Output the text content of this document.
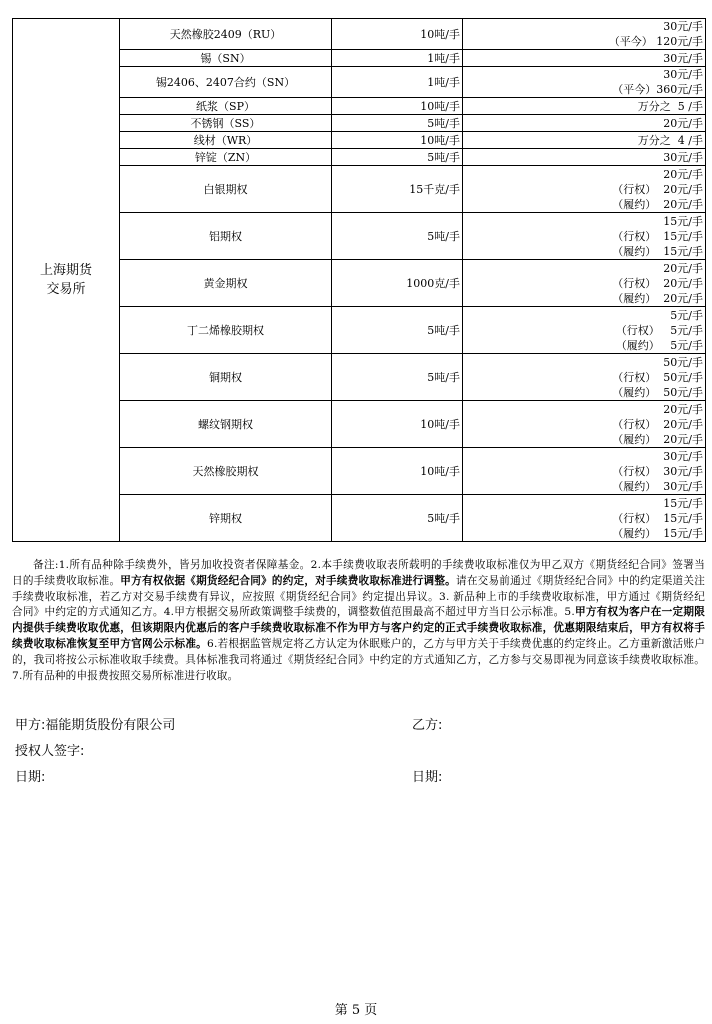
上海期货
交易所	天然橡胶2409（RU）	10吨/手	30元/手
（平今） 120元/手

	锡（SN）	1吨/手	30元/手

	锡2406、2407合约（SN）	1吨/手	30元/手
（平今）360元/手

	纸浆（SP）	10吨/手	万分之  5 /手

	不锈钢（SS）	5吨/手	20元/手

	线材（WR）	10吨/手	万分之  4 /手

	锌锭（ZN）	5吨/手	30元/手

	白银期权	15千克/手	20元/手
（行权）  20元/手
（履约）  20元/手

	铝期权	5吨/手	15元/手
（行权）  15元/手
（履约）  15元/手

	黄金期权	1000克/手	20元/手
（行权）  20元/手
（履约）  20元/手

	丁二烯橡胶期权	5吨/手	5元/手
（行权）   5元/手
（履约）   5元/手

	铜期权	5吨/手	50元/手
（行权）  50元/手
（履约）  50元/手

	螺纹钢期权	10吨/手	20元/手
（行权）  20元/手
（履约）  20元/手

	天然橡胶期权	10吨/手	30元/手
（行权）  30元/手
（履约）  30元/手

	锌期权	5吨/手	15元/手
（行权）  15元/手
（履约）  15元/手
备注:1.所有品种除手续费外，皆另加收投资者保障基金。2.本手续费收取表所载明的手续费收取标准仅为甲乙双方《期货经纪合同》签署当日的手续费收取标准。甲方有权依据《期货经纪合同》的约定，对手续费收取标准进行调整。请在交易前通过《期货经纪合同》中的约定渠道关注手续费收取标准，若乙方对交易手续费有异议，应按照《期货经纪合同》约定提出异议。3. 新品种上市的手续费收取标准，甲方通过《期货经纪合同》中约定的方式通知乙方。4.甲方根据交易所政策调整手续费的，调整数值范围最高不超过甲方当日公示标准。5.甲方有权为客户在一定期限内提供手续费收取优惠，但该期限内优惠后的客户手续费收取标准不作为甲方与客户约定的正式手续费收取标准，优惠期限结束后，甲方有权将手续费收取标准恢复至甲方官网公示标准。6.若根据监管规定将乙方认定为休眠账户的，乙方与甲方关于手续费优惠的约定终止。乙方重新激活账户的，我司将按公示标准收取手续费。具体标准我司将通过《期货经纪合同》中约定的方式通知乙方，乙方参与交易即视为同意该手续费收取标准。7.所有品种的申报费按照交易所标准进行收取。
甲方:福能期货股份有限公司	乙方:
授权人签字:
日期:	日期:
第 5 页
